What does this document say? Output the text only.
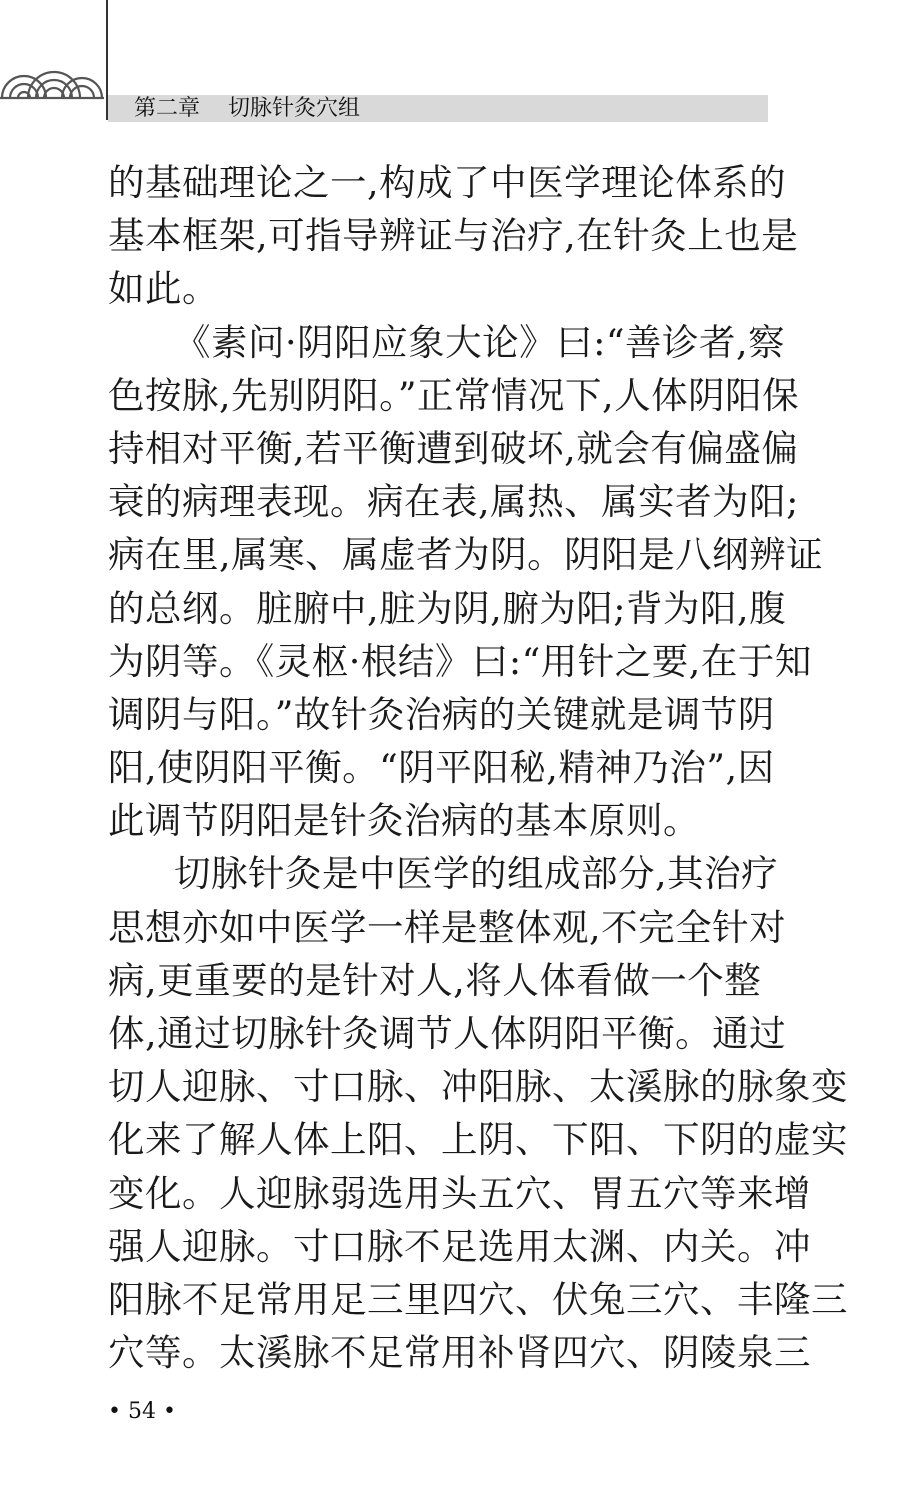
第二章 切脉针灸穴组
的基础理论之一,构成了中医学理论体系的
基本框架,可指导辨证与治疗,在针灸上也是
如此。
《素问·阴阳应象大论》曰:“善诊者,察
色按脉,先别阴阳。”正常情况下,人体阴阳保
持相对平衡,若平衡遭到破坏,就会有偏盛偏
衰的病理表现。病在表,属热、属实者为阳;
病在里,属寒、属虚者为阴。阴阳是八纲辨证
的总纲。脏腑中,脏为阴,腑为阳;背为阳,腹
为阴等。《灵枢·根结》曰:“用针之要,在于知
调阴与阳。”故针灸治病的关键就是调节阴
阳,使阴阳平衡。“阴平阳秘,精神乃治”,因
此调节阴阳是针灸治病的基本原则。
切脉针灸是中医学的组成部分,其治疗
思想亦如中医学一样是整体观,不完全针对
病,更重要的是针对人,将人体看做一个整
体,通过切脉针灸调节人体阴阳平衡。通过
切人迎脉、寸口脉、冲阳脉、太溪脉的脉象变
化来了解人体上阳、上阴、下阳、下阴的虚实
变化。人迎脉弱选用头五穴、胃五穴等来增
强人迎脉。寸口脉不足选用太渊、内关。冲
阳脉不足常用足三里四穴、伏兔三穴、丰隆三
穴等。太溪脉不足常用补肾四穴、阴陵泉三
• 54 •
